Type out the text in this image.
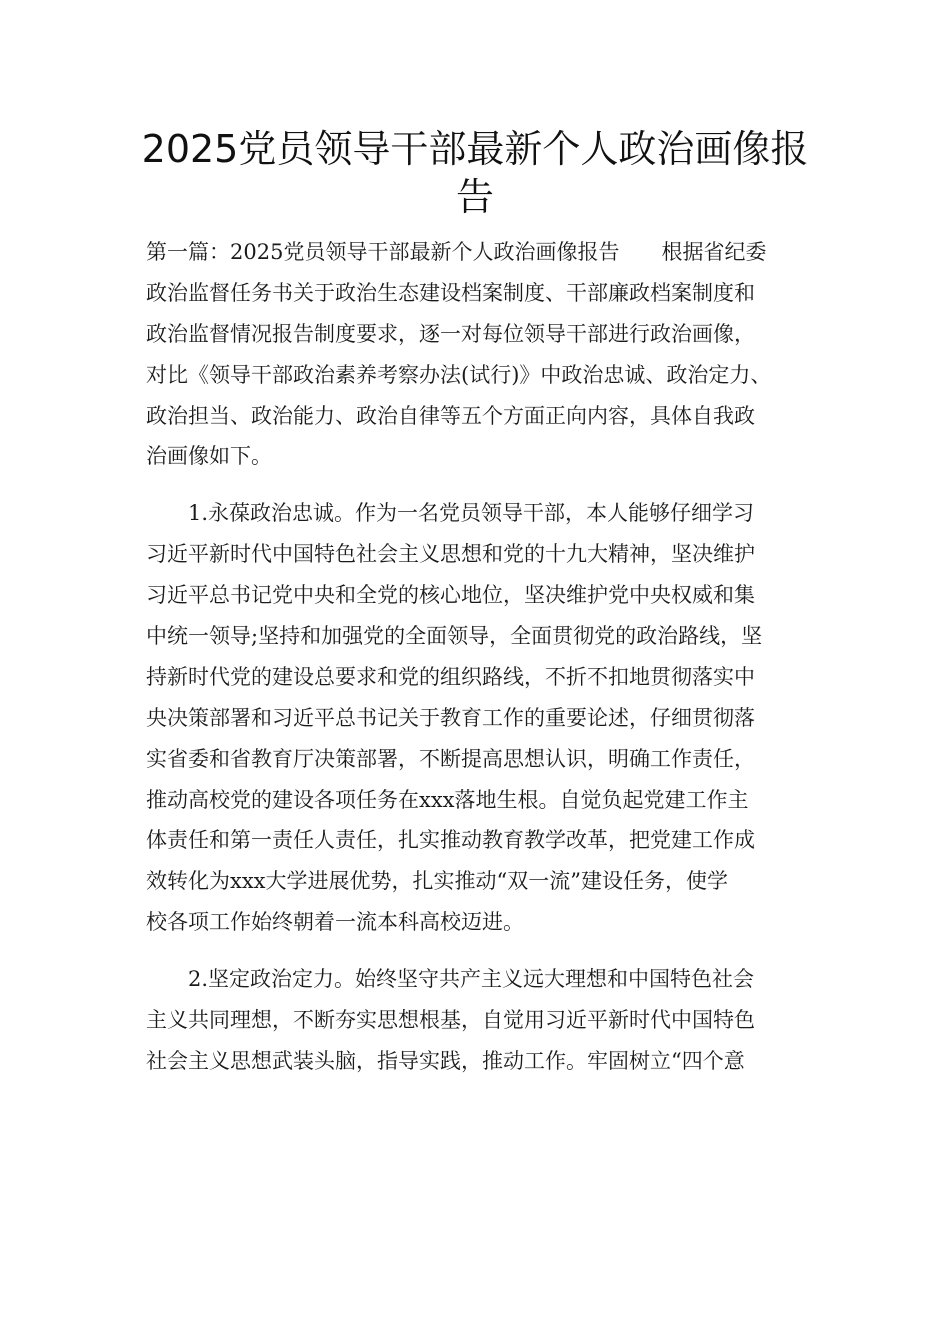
2025党员领导干部最新个人政治画像报
告
第一篇：2025党员领导干部最新个人政治画像报告　　根据省纪委
政治监督任务书关于政治生态建设档案制度、干部廉政档案制度和
政治监督情况报告制度要求，逐一对每位领导干部进行政治画像，
对比《领导干部政治素养考察办法(试行)》中政治忠诚、政治定力、
政治担当、政治能力、政治自律等五个方面正向内容，具体自我政
治画像如下。
1.永葆政治忠诚。作为一名党员领导干部，本人能够仔细学习
习近平新时代中国特色社会主义思想和党的十九大精神，坚决维护
习近平总书记党中央和全党的核心地位，坚决维护党中央权威和集
中统一领导;坚持和加强党的全面领导，全面贯彻党的政治路线，坚
持新时代党的建设总要求和党的组织路线，不折不扣地贯彻落实中
央决策部署和习近平总书记关于教育工作的重要论述，仔细贯彻落
实省委和省教育厅决策部署，不断提高思想认识，明确工作责任，
推动高校党的建设各项任务在xxx落地生根。自觉负起党建工作主
体责任和第一责任人责任，扎实推动教育教学改革，把党建工作成
效转化为xxx大学进展优势，扎实推动“双一流”建设任务，使学
校各项工作始终朝着一流本科高校迈进。
2.坚定政治定力。始终坚守共产主义远大理想和中国特色社会
主义共同理想，不断夯实思想根基，自觉用习近平新时代中国特色
社会主义思想武装头脑，指导实践，推动工作。牢固树立“四个意
